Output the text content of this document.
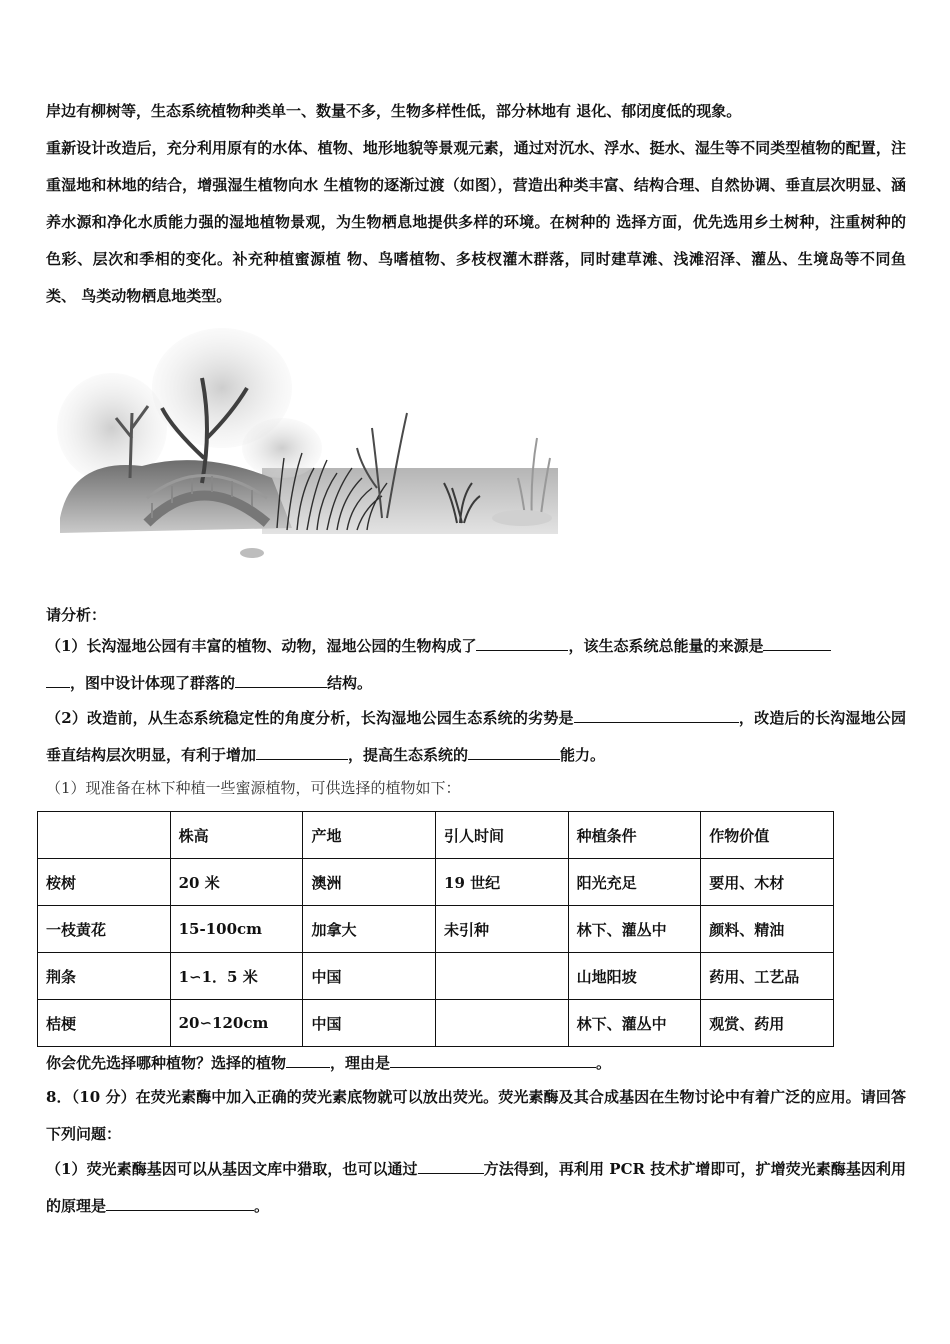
岸边有柳树等，生态系统植物种类单一、数量不多，生物多样性低，部分林地有 退化、郁闭度低的现象。
重新设计改造后，充分利用原有的水体、植物、地形地貌等景观元素，通过对沉水、浮水、挺水、湿生等不同类型植物的配置，注重湿地和林地的结合，增强湿生植物向水 生植物的逐渐过渡（如图），营造出种类丰富、结构合理、自然协调、垂直层次明显、涵养水源和净化水质能力强的湿地植物景观，为生物栖息地提供多样的环境。在树种的 选择方面，优先选用乡土树种，注重树种的色彩、层次和季相的变化。补充种植蜜源植 物、鸟嗜植物、多枝杈灌木群落，同时建草滩、浅滩沼泽、灌丛、生境岛等不同鱼类、 鸟类动物栖息地类型。

请分析：

（1）长沟湿地公园有丰富的植物、动物，湿地公园的生物构成了	，该生态系统总能量的来源是
，图中设计体现了群落的	结构。

（2）改造前，从生态系统稳定性的角度分析，长沟湿地公园生态系统的劣势是	，改造后的长沟湿地公园垂直结构层次明显，有利于增加	，提高生态系统的	能力。

（1）现准备在林下种植一些蜜源植物，可供选择的植物如下：

	株高	产地	引人时间	种植条件	作物价值
桉树	20 米	澳洲	19 世纪	阳光充足	要用、木材
一枝黄花	15-100cm	加拿大	未引种	林下、灌丛中	颜料、精油
荆条	1∽1．5 米	中国		山地阳坡	药用、工艺品
桔梗	20∽120cm	中国		林下、灌丛中	观赏、药用

你会优先选择哪种植物？选择的植物	，理由是	。

8．（10 分）在荧光素酶中加入正确的荧光素底物就可以放出荧光。荧光素酶及其合成基因在生物讨论中有着广泛的应用。请回答下列问题：

（1）荧光素酶基因可以从基因文库中猎取，也可以通过	方法得到，再利用 PCR 技术扩增即可，扩增荧光素酶基因利用的原理是	。
